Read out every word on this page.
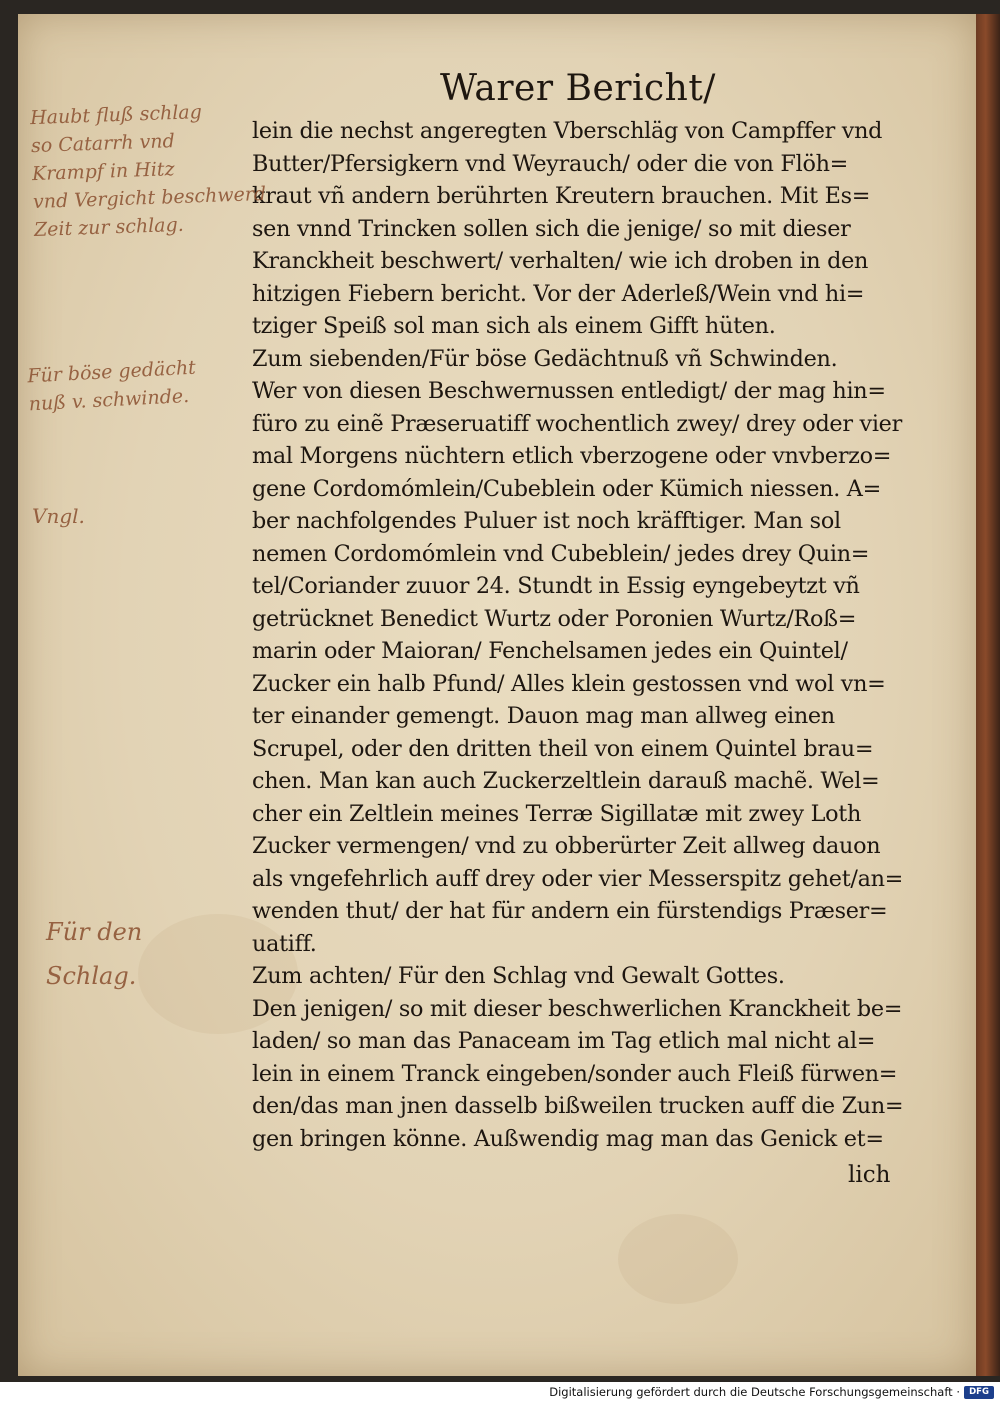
Warer Bericht/
lein die nechst angeregten Vberschläg von Campffer vnd
Butter/Pfersigkern vnd Weyrauch/ oder die von Flöh=
kraut vñ andern berührten Kreutern brauchen. Mit Es=
sen vnnd Trincken sollen sich die jenige/ so mit dieser
Kranckheit beschwert/ verhalten/ wie ich droben in den
hitzigen Fiebern bericht. Vor der Aderleß/Wein vnd hi=
tziger Speiß sol man sich als einem Gifft hüten.
Zum siebenden/Für böse Gedächtnuß vñ Schwinden.
Wer von diesen Beschwernussen entledigt/ der mag hin=
füro zu einẽ Præseruatiff wochentlich zwey/ drey oder vier
mal Morgens nüchtern etlich vberzogene oder vnvberzo=
gene Cordomómlein/Cubeblein oder Kümich niessen. A=
ber nachfolgendes Puluer ist noch kräfftiger. Man sol
nemen Cordomómlein vnd Cubeblein/ jedes drey Quin=
tel/Coriander zuuor 24. Stundt in Essig eyngebeytzt vñ
getrücknet Benedict Wurtz oder Poronien Wurtz/Roß=
marin oder Maioran/ Fenchelsamen jedes ein Quintel/
Zucker ein halb Pfund/ Alles klein gestossen vnd wol vn=
ter einander gemengt. Dauon mag man allweg einen
Scrupel, oder den dritten theil von einem Quintel brau=
chen. Man kan auch Zuckerzeltlein darauß machẽ. Wel=
cher ein Zeltlein meines Terræ Sigillatæ mit zwey Loth
Zucker vermengen/ vnd zu obberürter Zeit allweg dauon
als vngefehrlich auff drey oder vier Messerspitz gehet/an=
wenden thut/ der hat für andern ein fürstendigs Præser=
uatiff.
Zum achten/ Für den Schlag vnd Gewalt Gottes.
Den jenigen/ so mit dieser beschwerlichen Kranckheit be=
laden/ so man das Panaceam im Tag etlich mal nicht al=
lein in einem Tranck eingeben/sonder auch Fleiß fürwen=
den/das man jnen dasselb bißweilen trucken auff die Zun=
gen bringen könne. Außwendig mag man das Genick et=
lich
Haubt fluß schlag
so Catarrh vnd
Krampf in Hitz
vnd Vergicht beschwerd
Zeit zur schlag.
Für böse gedächt
nuß v. schwinde.
Vngl.
Für den
Schlag.
Digitalisierung gefördert durch die Deutsche Forschungsgemeinschaft ·	DFG
